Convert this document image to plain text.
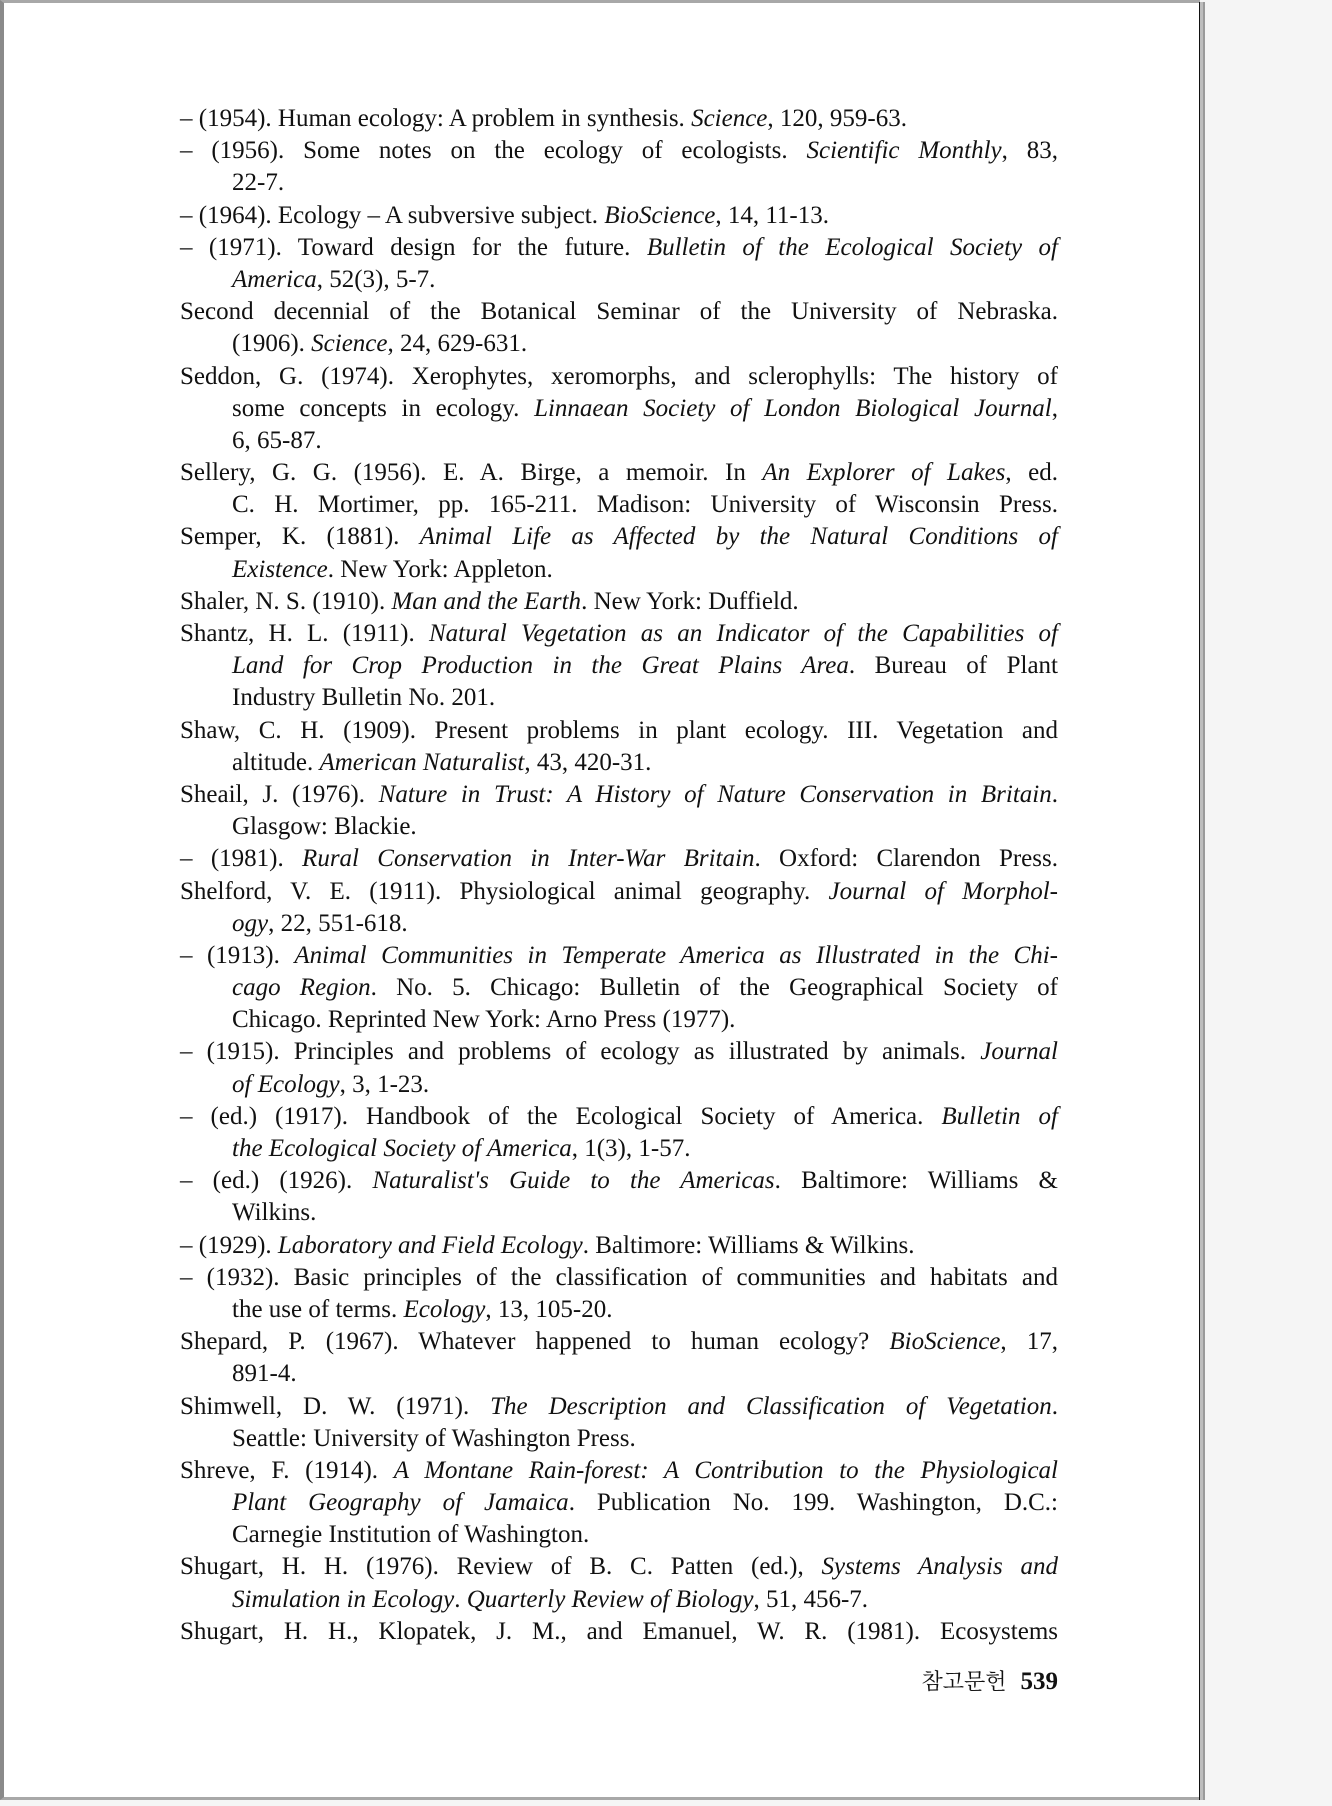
– (1954). Human ecology: A problem in synthesis. Science, 120, 959-63.
– (1956). Some notes on the ecology of ecologists. Scientific Monthly, 83,
22-7.
– (1964). Ecology – A subversive subject. BioScience, 14, 11-13.
– (1971). Toward design for the future. Bulletin of the Ecological Society of
America, 52(3), 5-7.
Second decennial of the Botanical Seminar of the University of Nebraska.
(1906). Science, 24, 629-631.
Seddon, G. (1974). Xerophytes, xeromorphs, and sclerophylls: The history of
some concepts in ecology. Linnaean Society of London Biological Journal,
6, 65-87.
Sellery, G. G. (1956). E. A. Birge, a memoir. In An Explorer of Lakes, ed.
C. H. Mortimer, pp. 165-211. Madison: University of Wisconsin Press.
Semper, K. (1881). Animal Life as Affected by the Natural Conditions of
Existence. New York: Appleton.
Shaler, N. S. (1910). Man and the Earth. New York: Duffield.
Shantz, H. L. (1911). Natural Vegetation as an Indicator of the Capabilities of
Land for Crop Production in the Great Plains Area. Bureau of Plant
Industry Bulletin No. 201.
Shaw, C. H. (1909). Present problems in plant ecology. III. Vegetation and
altitude. American Naturalist, 43, 420-31.
Sheail, J. (1976). Nature in Trust: A History of Nature Conservation in Britain.
Glasgow: Blackie.
– (1981). Rural Conservation in Inter-War Britain. Oxford: Clarendon Press.
Shelford, V. E. (1911). Physiological animal geography. Journal of Morphol-
ogy, 22, 551-618.
– (1913). Animal Communities in Temperate America as Illustrated in the Chi-
cago Region. No. 5. Chicago: Bulletin of the Geographical Society of
Chicago. Reprinted New York: Arno Press (1977).
– (1915). Principles and problems of ecology as illustrated by animals. Journal
of Ecology, 3, 1-23.
– (ed.) (1917). Handbook of the Ecological Society of America. Bulletin of
the Ecological Society of America, 1(3), 1-57.
– (ed.) (1926). Naturalist's Guide to the Americas. Baltimore: Williams &
Wilkins.
– (1929). Laboratory and Field Ecology. Baltimore: Williams & Wilkins.
– (1932). Basic principles of the classification of communities and habitats and
the use of terms. Ecology, 13, 105-20.
Shepard, P. (1967). Whatever happened to human ecology? BioScience, 17,
891-4.
Shimwell, D. W. (1971). The Description and Classification of Vegetation.
Seattle: University of Washington Press.
Shreve, F. (1914). A Montane Rain-forest: A Contribution to the Physiological
Plant Geography of Jamaica. Publication No. 199. Washington, D.C.:
Carnegie Institution of Washington.
Shugart, H. H. (1976). Review of B. C. Patten (ed.), Systems Analysis and
Simulation in Ecology. Quarterly Review of Biology, 51, 456-7.
Shugart, H. H., Klopatek, J. M., and Emanuel, W. R. (1981). Ecosystems
참고문헌 539
